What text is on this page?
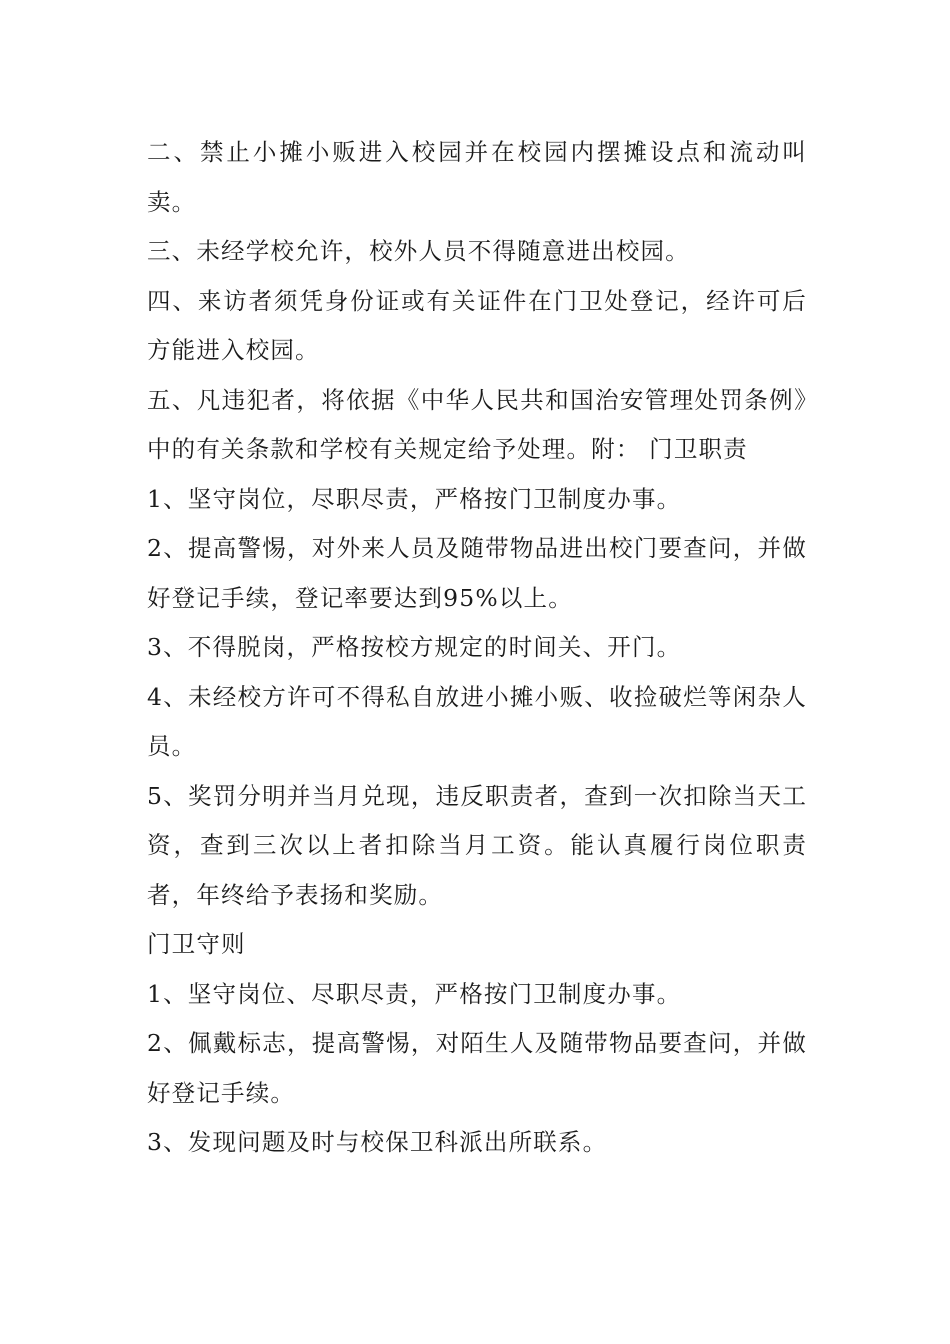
二、禁止小摊小贩进入校园并在校园内摆摊设点和流动叫卖。

三、未经学校允许，校外人员不得随意进出校园。

四、来访者须凭身份证或有关证件在门卫处登记，经许可后方能进入校园。

五、凡违犯者，将依据《中华人民共和国治安管理处罚条例》中的有关条款和学校有关规定给予处理。附： 门卫职责

1、坚守岗位，尽职尽责，严格按门卫制度办事。

2、提高警惕，对外来人员及随带物品进出校门要查问，并做好登记手续，登记率要达到95%以上。

3、不得脱岗，严格按校方规定的时间关、开门。

4、未经校方许可不得私自放进小摊小贩、收捡破烂等闲杂人员。

5、奖罚分明并当月兑现，违反职责者，查到一次扣除当天工资，查到三次以上者扣除当月工资。能认真履行岗位职责者，年终给予表扬和奖励。

门卫守则

1、坚守岗位、尽职尽责，严格按门卫制度办事。

2、佩戴标志，提高警惕，对陌生人及随带物品要查问，并做好登记手续。

3、发现问题及时与校保卫科派出所联系。
